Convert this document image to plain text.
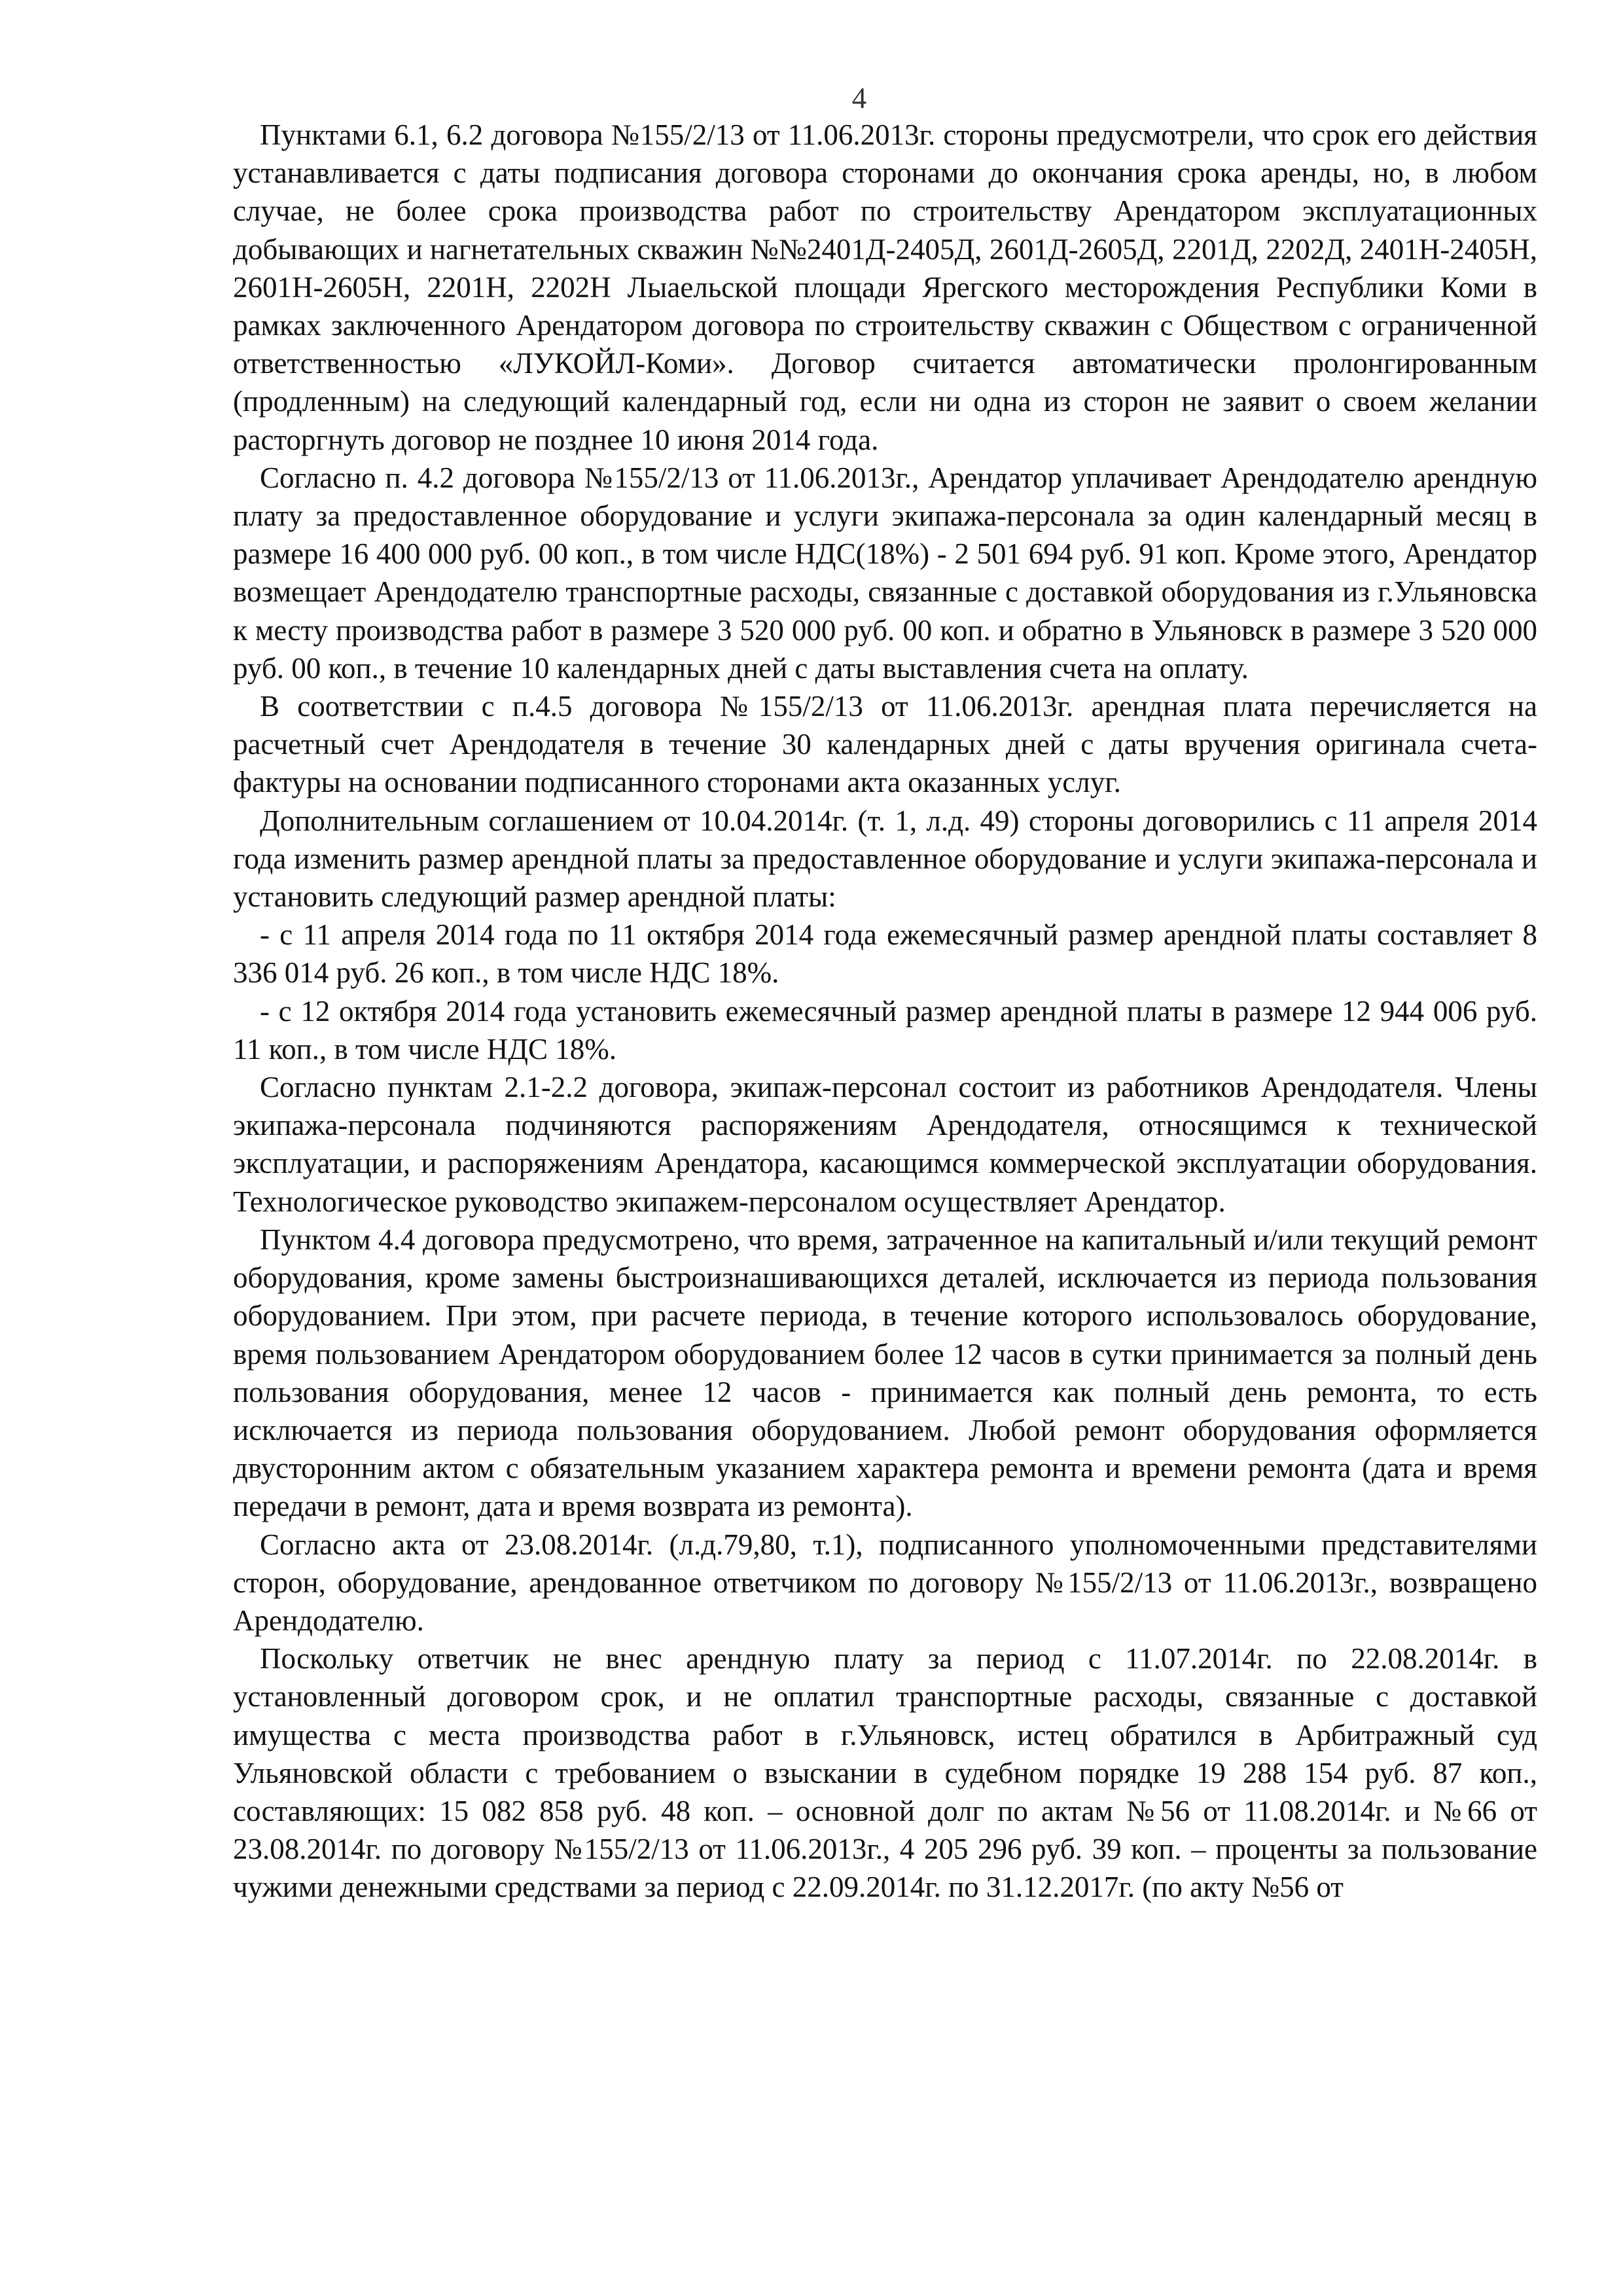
4

Пунктами 6.1, 6.2 договора №155/2/13 от 11.06.2013г. стороны предусмотрели, что срок его действия устанавливается с даты подписания договора сторонами до окончания срока аренды, но, в любом случае, не более срока производства работ по строительству Арендатором эксплуатационных добывающих и нагнетательных скважин №№2401Д-2405Д, 2601Д-2605Д, 2201Д, 2202Д, 2401Н-2405Н, 2601Н-2605Н, 2201Н, 2202Н Лыаельской площади Ярегского месторождения Республики Коми в рамках заключенного Арендатором договора по строительству скважин с Обществом с ограниченной ответственностью «ЛУКОЙЛ-Коми». Договор считается автоматически пролонгированным (продленным) на следующий календарный год, если ни одна из сторон не заявит о своем желании расторгнуть договор не позднее 10 июня 2014 года.

Согласно п. 4.2 договора №155/2/13 от 11.06.2013г., Арендатор уплачивает Арендодателю арендную плату за предоставленное оборудование и услуги экипажа-персонала за один календарный месяц в размере 16 400 000 руб. 00 коп., в том числе НДС(18%) - 2 501 694 руб. 91 коп. Кроме этого, Арендатор возмещает Арендодателю транспортные расходы, связанные с доставкой оборудования из г.Ульяновска к месту производства работ в размере 3 520 000 руб. 00 коп. и обратно в Ульяновск в размере 3 520 000 руб. 00 коп., в течение 10 календарных дней с даты выставления счета на оплату.

В соответствии с п.4.5 договора №155/2/13 от 11.06.2013г. арендная плата перечисляется на расчетный счет Арендодателя в течение 30 календарных дней с даты вручения оригинала счета-фактуры на основании подписанного сторонами акта оказанных услуг.

Дополнительным соглашением от 10.04.2014г. (т. 1, л.д. 49) стороны договорились с 11 апреля 2014 года изменить размер арендной платы за предоставленное оборудование и услуги экипажа-персонала и установить следующий размер арендной платы:

- с 11 апреля 2014 года по 11 октября 2014 года ежемесячный размер арендной платы составляет 8 336 014 руб. 26 коп., в том числе НДС 18%.

- с 12 октября 2014 года установить ежемесячный размер арендной платы в размере 12 944 006 руб. 11 коп., в том числе НДС 18%.

Согласно пунктам 2.1-2.2 договора, экипаж-персонал состоит из работников Арендодателя. Члены экипажа-персонала подчиняются распоряжениям Арендодателя, относящимся к технической эксплуатации, и распоряжениям Арендатора, касающимся коммерческой эксплуатации оборудования. Технологическое руководство экипажем-персоналом осуществляет Арендатор.

Пунктом 4.4 договора предусмотрено, что время, затраченное на капитальный и/или текущий ремонт оборудования, кроме замены быстроизнашивающихся деталей, исключается из периода пользования оборудованием. При этом, при расчете периода, в течение которого использовалось оборудование, время пользованием Арендатором оборудованием более 12 часов в сутки принимается за полный день пользования оборудования, менее 12 часов - принимается как полный день ремонта, то есть исключается из периода пользования оборудованием. Любой ремонт оборудования оформляется двусторонним актом с обязательным указанием характера ремонта и времени ремонта (дата и время передачи в ремонт, дата и время возврата из ремонта).

Согласно акта от 23.08.2014г. (л.д.79,80, т.1), подписанного уполномоченными представителями сторон, оборудование, арендованное ответчиком по договору №155/2/13 от 11.06.2013г., возвращено Арендодателю.

Поскольку ответчик не внес арендную плату за период с 11.07.2014г. по 22.08.2014г. в установленный договором срок, и не оплатил транспортные расходы, связанные с доставкой имущества с места производства работ в г.Ульяновск, истец обратился в Арбитражный суд Ульяновской области с требованием о взыскании в судебном порядке 19 288 154 руб. 87 коп., составляющих: 15 082 858 руб. 48 коп. – основной долг по актам №56 от 11.08.2014г. и №66 от 23.08.2014г. по договору №155/2/13 от 11.06.2013г., 4 205 296 руб. 39 коп. – проценты за пользование чужими денежными средствами за период с 22.09.2014г. по 31.12.2017г. (по акту №56 от
